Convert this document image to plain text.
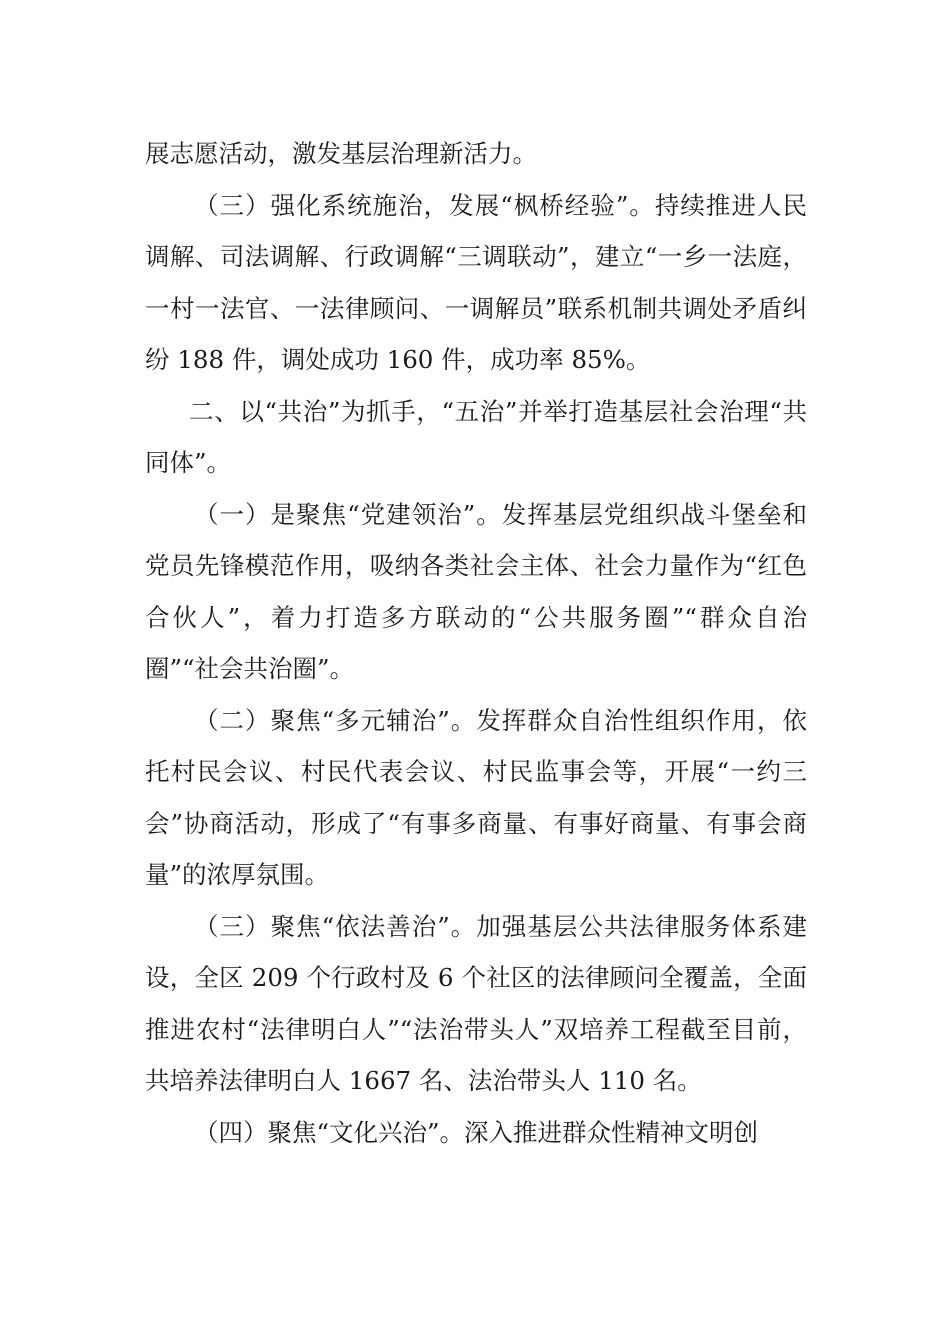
展志愿活动，激发基层治理新活力。

（三）强化系统施治，发展“枫桥经验”。持续推进人民调解、司法调解、行政调解“三调联动”，建立“一乡一法庭，一村一法官、一法律顾问、一调解员”联系机制共调处矛盾纠纷 188 件，调处成功 160 件，成功率 85%。

二、以“共治”为抓手，“五治”并举打造基层社会治理“共同体”。

（一）是聚焦“党建领治”。发挥基层党组织战斗堡垒和党员先锋模范作用，吸纳各类社会主体、社会力量作为“红色合伙人”，着力打造多方联动的“公共服务圈”“群众自治圈”“社会共治圈”。

（二）聚焦“多元辅治”。发挥群众自治性组织作用，依托村民会议、村民代表会议、村民监事会等，开展“一约三会”协商活动，形成了“有事多商量、有事好商量、有事会商量”的浓厚氛围。

（三）聚焦“依法善治”。加强基层公共法律服务体系建设，全区 209 个行政村及 6 个社区的法律顾问全覆盖，全面推进农村“法律明白人”“法治带头人”双培养工程截至目前，共培养法律明白人 1667 名、法治带头人 110 名。

（四）聚焦“文化兴治”。深入推进群众性精神文明创
